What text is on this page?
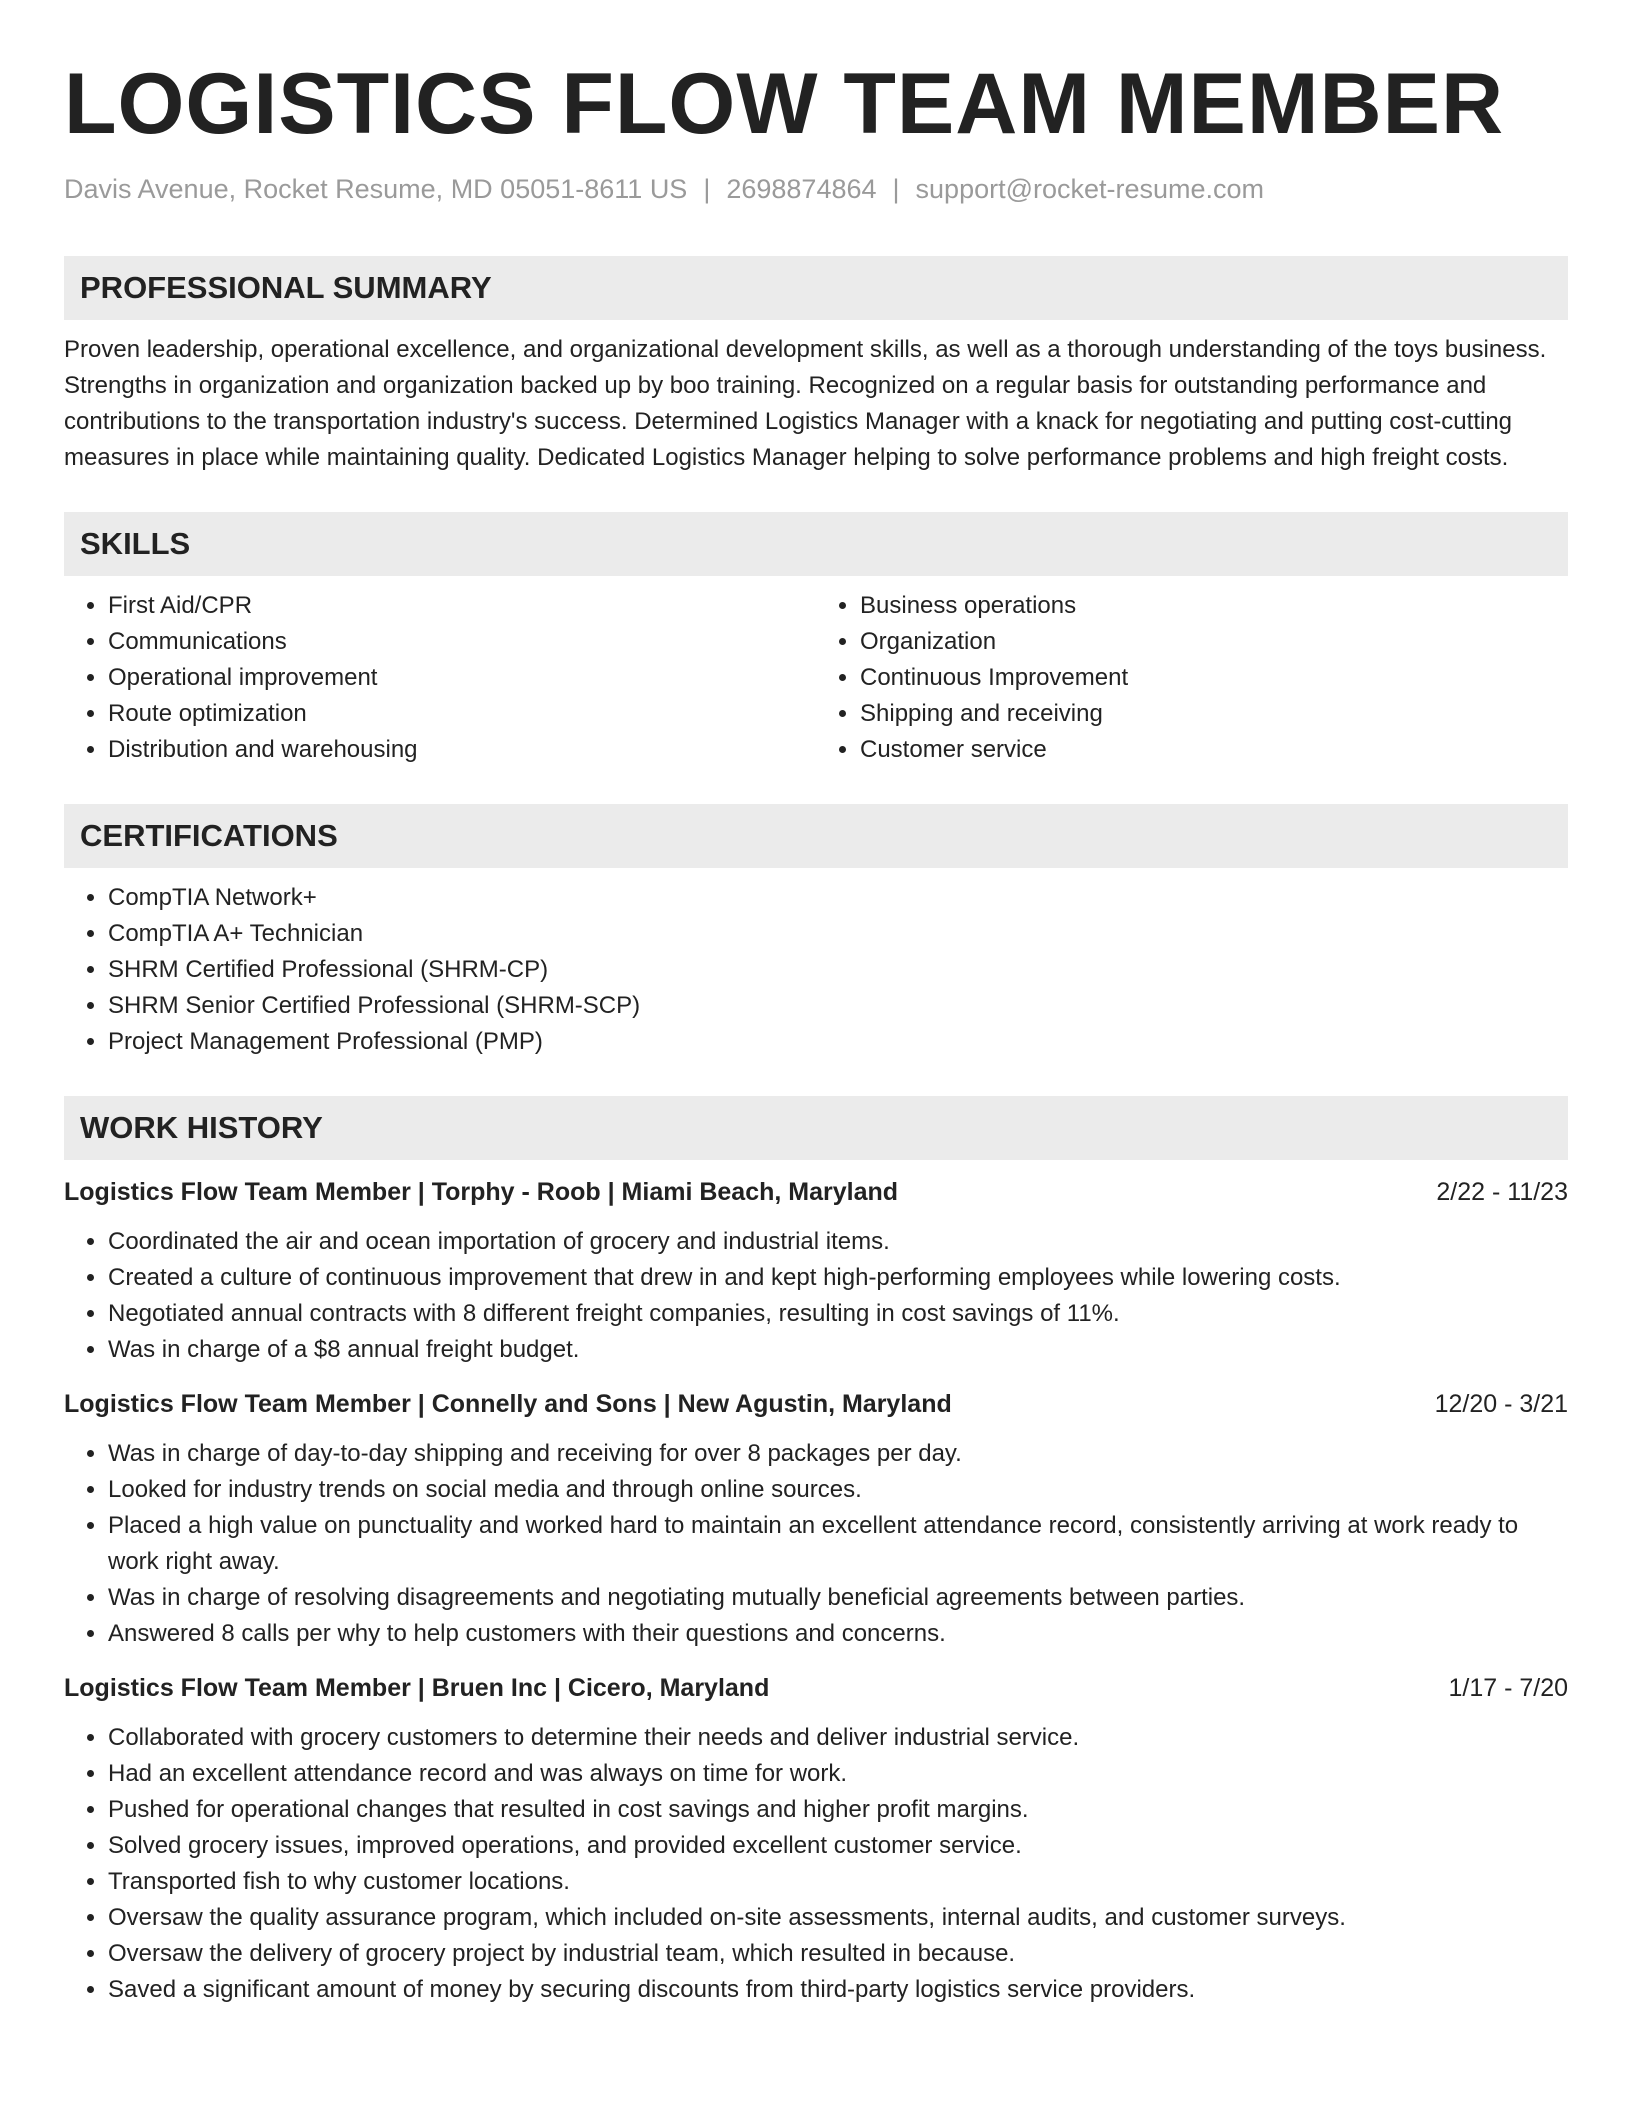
LOGISTICS FLOW TEAM MEMBER
Davis Avenue, Rocket Resume, MD 05051-8611 US | 2698874864 | support@rocket-resume.com
PROFESSIONAL SUMMARY

Proven leadership, operational excellence, and organizational development skills, as well as a thorough understanding of the toys business. Strengths in organization and organization backed up by boo training. Recognized on a regular basis for outstanding performance and contributions to the transportation industry's success. Determined Logistics Manager with a knack for negotiating and putting cost-cutting measures in place while maintaining quality. Dedicated Logistics Manager helping to solve performance problems and high freight costs.

SKILLS
• First Aid/CPR
• Communications
• Operational improvement
• Route optimization
• Distribution and warehousing
• Business operations
• Organization
• Continuous Improvement
• Shipping and receiving
• Customer service
CERTIFICATIONS
• CompTIA Network+
• CompTIA A+ Technician
• SHRM Certified Professional (SHRM-CP)
• SHRM Senior Certified Professional (SHRM-SCP)
• Project Management Professional (PMP)
WORK HISTORY
Logistics Flow Team Member | Torphy - Roob | Miami Beach, Maryland	2/22 - 11/23
• Coordinated the air and ocean importation of grocery and industrial items.
• Created a culture of continuous improvement that drew in and kept high-performing employees while lowering costs.
• Negotiated annual contracts with 8 different freight companies, resulting in cost savings of 11%.
• Was in charge of a $8 annual freight budget.
Logistics Flow Team Member | Connelly and Sons | New Agustin, Maryland	12/20 - 3/21
• Was in charge of day-to-day shipping and receiving for over 8 packages per day.
• Looked for industry trends on social media and through online sources.
• Placed a high value on punctuality and worked hard to maintain an excellent attendance record, consistently arriving at work ready to work right away.
• Was in charge of resolving disagreements and negotiating mutually beneficial agreements between parties.
• Answered 8 calls per why to help customers with their questions and concerns.
Logistics Flow Team Member | Bruen Inc | Cicero, Maryland	1/17 - 7/20
• Collaborated with grocery customers to determine their needs and deliver industrial service.
• Had an excellent attendance record and was always on time for work.
• Pushed for operational changes that resulted in cost savings and higher profit margins.
• Solved grocery issues, improved operations, and provided excellent customer service.
• Transported fish to why customer locations.
• Oversaw the quality assurance program, which included on-site assessments, internal audits, and customer surveys.
• Oversaw the delivery of grocery project by industrial team, which resulted in because.
• Saved a significant amount of money by securing discounts from third-party logistics service providers.
